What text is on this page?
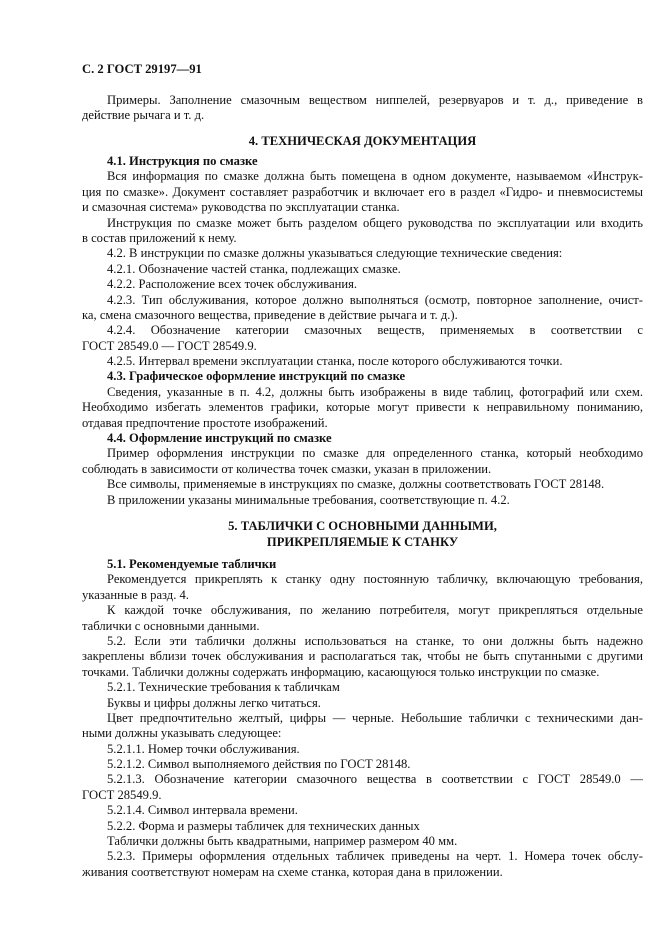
С. 2 ГОСТ 29197—91
Примеры. Заполнение смазочным веществом ниппелей, резервуаров и т. д., приведение в
действие рычага и т. д.
4. ТЕХНИЧЕСКАЯ ДОКУМЕНТАЦИЯ
4.1. Инструкция по смазке
Вся информация по смазке должна быть помещена в одном документе, называемом «Инструк-
ция по смазке». Документ составляет разработчик и включает его в раздел «Гидро- и пневмосистемы
и смазочная система» руководства по эксплуатации станка.
Инструкция по смазке может быть разделом общего руководства по эксплуатации или входить
в состав приложений к нему.
4.2. В инструкции по смазке должны указываться следующие технические сведения:
4.2.1. Обозначение частей станка, подлежащих смазке.
4.2.2. Расположение всех точек обслуживания.
4.2.3. Тип обслуживания, которое должно выполняться (осмотр, повторное заполнение, очист-
ка, смена смазочного вещества, приведение в действие рычага и т. д.).
4.2.4. Обозначение категории смазочных веществ, применяемых в соответствии с
ГОСТ 28549.0 — ГОСТ 28549.9.
4.2.5. Интервал времени эксплуатации станка, после которого обслуживаются точки.
4.3. Графическое оформление инструкций по смазке
Сведения, указанные в п. 4.2, должны быть изображены в виде таблиц, фотографий или схем.
Необходимо избегать элементов графики, которые могут привести к неправильному пониманию,
отдавая предпочтение простоте изображений.
4.4. Оформление инструкций по смазке
Пример оформления инструкции по смазке для определенного станка, который необходимо
соблюдать в зависимости от количества точек смазки, указан в приложении.
Все символы, применяемые в инструкциях по смазке, должны соответствовать ГОСТ 28148.
В приложении указаны минимальные требования, соответствующие п. 4.2.
5. ТАБЛИЧКИ С ОСНОВНЫМИ ДАННЫМИ,
ПРИКРЕПЛЯЕМЫЕ К СТАНКУ
5.1. Рекомендуемые таблички
Рекомендуется прикреплять к станку одну постоянную табличку, включающую требования,
указанные в разд. 4.
К каждой точке обслуживания, по желанию потребителя, могут прикрепляться отдельные
таблички с основными данными.
5.2. Если эти таблички должны использоваться на станке, то они должны быть надежно
закреплены вблизи точек обслуживания и располагаться так, чтобы не быть спутанными с другими
точками. Таблички должны содержать информацию, касающуюся только инструкции по смазке.
5.2.1. Технические требования к табличкам
Буквы и цифры должны легко читаться.
Цвет предпочтительно желтый, цифры — черные. Небольшие таблички с техническими дан-
ными должны указывать следующее:
5.2.1.1. Номер точки обслуживания.
5.2.1.2. Символ выполняемого действия по ГОСТ 28148.
5.2.1.3. Обозначение категории смазочного вещества в соответствии с ГОСТ 28549.0 —
ГОСТ 28549.9.
5.2.1.4. Символ интервала времени.
5.2.2. Форма и размеры табличек для технических данных
Таблички должны быть квадратными, например размером 40 мм.
5.2.3. Примеры оформления отдельных табличек приведены на черт. 1. Номера точек обслу-
живания соответствуют номерам на схеме станка, которая дана в приложении.
